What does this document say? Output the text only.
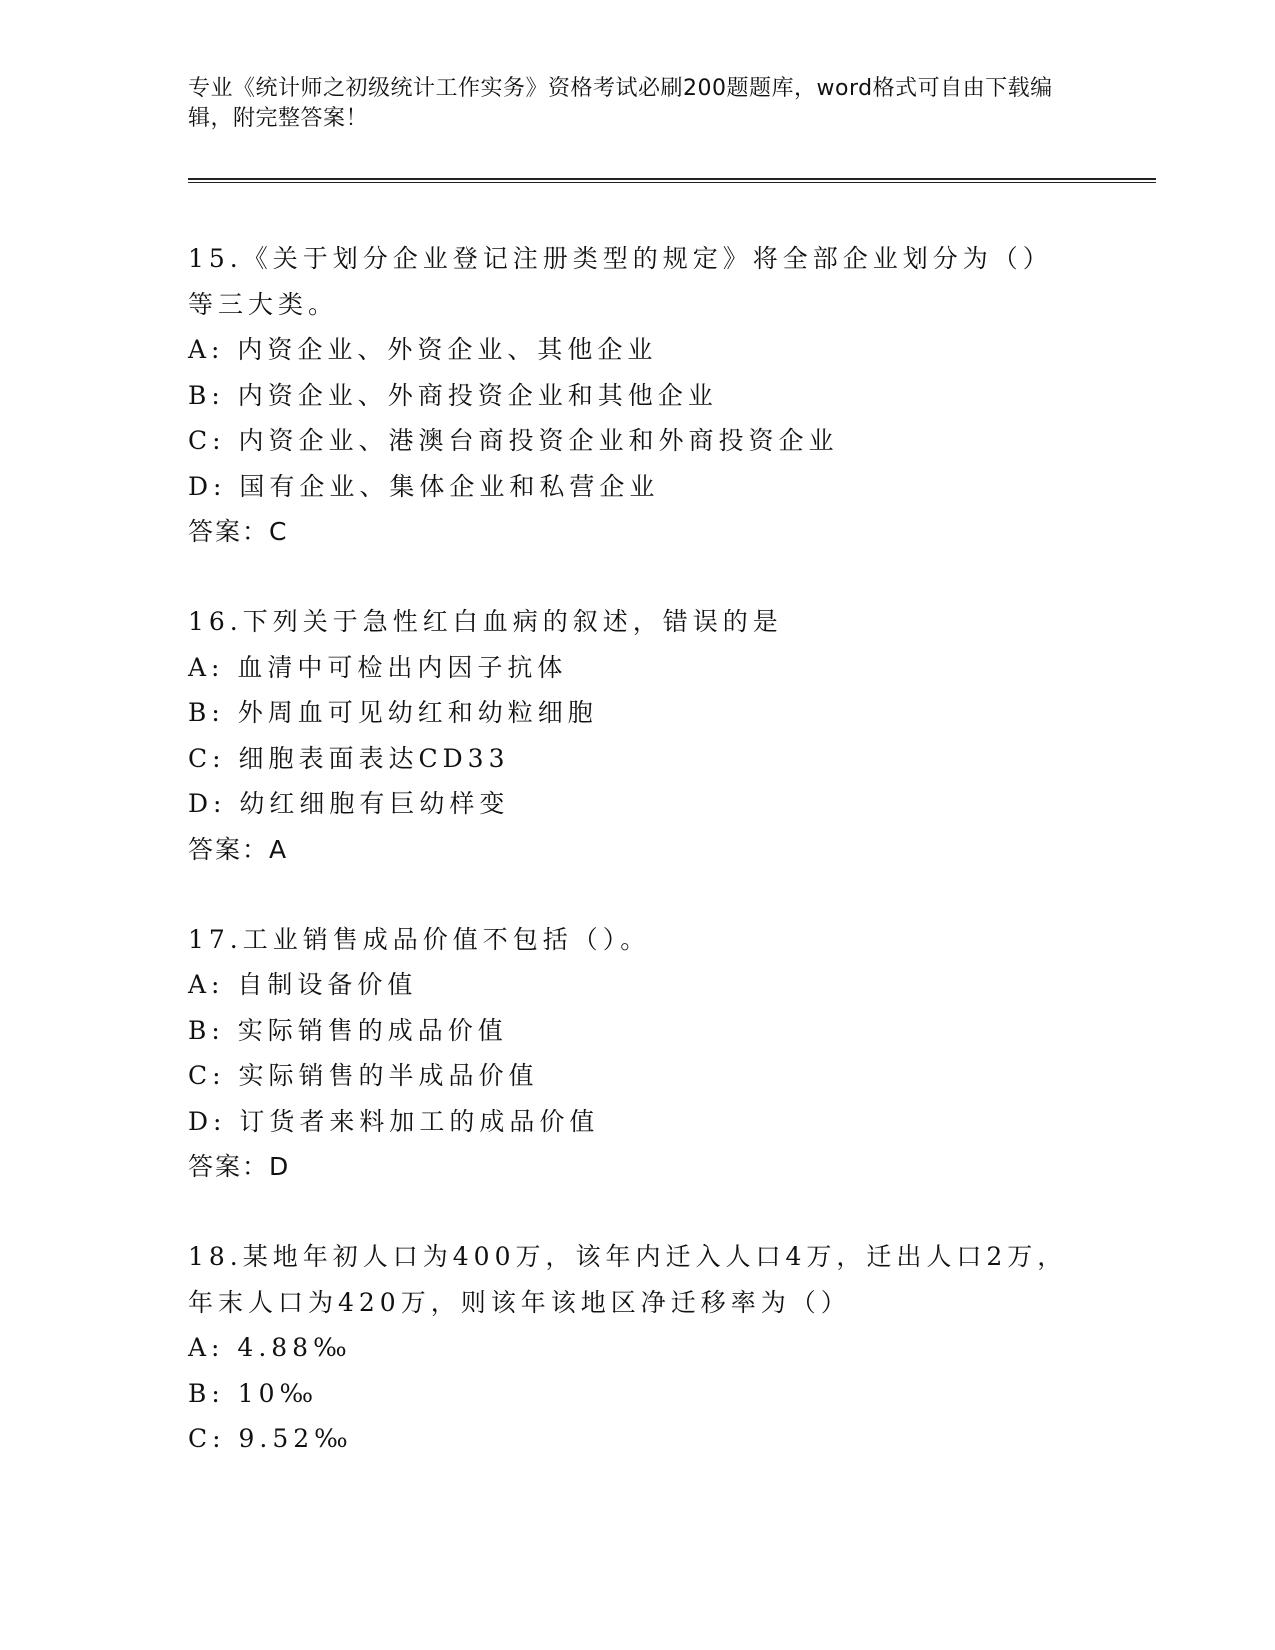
专业《统计师之初级统计工作实务》资格考试必刷200题题库，word格式可自由下载编辑，附完整答案！
15.《关于划分企业登记注册类型的规定》将全部企业划分为（）等三大类。
A: 内资企业、外资企业、其他企业
B: 内资企业、外商投资企业和其他企业
C: 内资企业、港澳台商投资企业和外商投资企业
D: 国有企业、集体企业和私营企业
答案：C
16.下列关于急性红白血病的叙述，错误的是
A: 血清中可检出内因子抗体
B: 外周血可见幼红和幼粒细胞
C: 细胞表面表达CD33
D: 幼红细胞有巨幼样变
答案：A
17.工业销售成品价值不包括（）。
A: 自制设备价值
B: 实际销售的成品价值
C: 实际销售的半成品价值
D: 订货者来料加工的成品价值
答案：D
18.某地年初人口为400万，该年内迁入人口4万，迁出人口2万，年末人口为420万，则该年该地区净迁移率为（）
A: 4.88‰
B: 10‰
C: 9.52‰
